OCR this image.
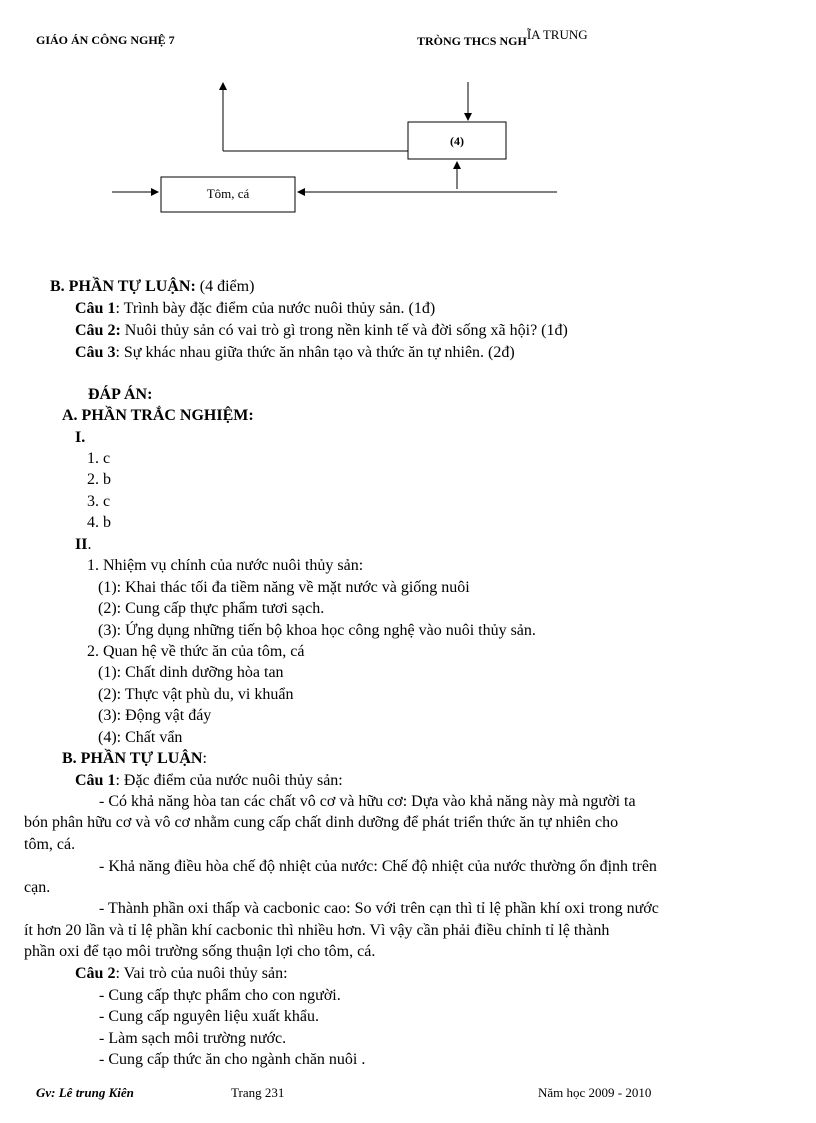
GIÁO ÁN CÔNG NGHỆ 7	TRÒNG THCS NGHĨA TRUNG
(4)
Tôm, cá
B. PHẦN TỰ LUẬN: (4 điểm)
Câu 1: Trình bày đặc điểm của nước nuôi thủy sản. (1đ)
Câu 2: Nuôi thủy sản có vai trò gì trong nền kinh tế và đời sống xã hội? (1đ)
Câu 3: Sự khác nhau giữa thức ăn nhân tạo và thức ăn tự nhiên. (2đ)
ĐÁP ÁN:
A. PHẦN TRẮC NGHIỆM:
I.
1. c
2. b
3. c
4. b
II.
1. Nhiệm vụ chính của nước nuôi thủy sản:
(1): Khai thác tối đa tiềm năng về mặt nước và giống nuôi
(2): Cung cấp thực phẩm tươi sạch.
(3): Ứng dụng những tiến bộ khoa học công nghệ vào nuôi thủy sản.
2. Quan hệ về thức ăn của tôm, cá
(1): Chất dinh dưỡng hòa tan
(2): Thực vật phù du, vi khuẩn
(3): Động vật đáy
(4): Chất vẩn
B. PHẦN TỰ LUẬN:
Câu 1: Đặc điểm của nước nuôi thủy sản:
- Có khả năng hòa tan các chất vô cơ và hữu cơ: Dựa vào khả năng này mà người ta
bón phân hữu cơ và vô cơ nhằm cung cấp chất dinh dưỡng để phát triển thức ăn tự nhiên cho
tôm, cá.
- Khả năng điều hòa chế độ nhiệt của nước: Chế độ nhiệt của nước thường ổn định trên
cạn.
- Thành phần oxi thấp và cacbonic cao: So với trên cạn thì tỉ lệ phần khí oxi trong nước
ít hơn 20 lần và tỉ lệ phần khí cacbonic thì nhiều hơn. Vì vậy cần phải điều chỉnh tỉ lệ thành
phần oxi để tạo môi trường sống thuận lợi cho tôm, cá.
Câu 2: Vai trò của nuôi thủy sản:
- Cung cấp thực phẩm cho con người.
- Cung cấp nguyên liệu xuất khẩu.
- Làm sạch môi trường nước.
- Cung cấp thức ăn cho ngành chăn nuôi .
Gv: Lê trung Kiên	Trang 231	Năm học 2009 - 2010
